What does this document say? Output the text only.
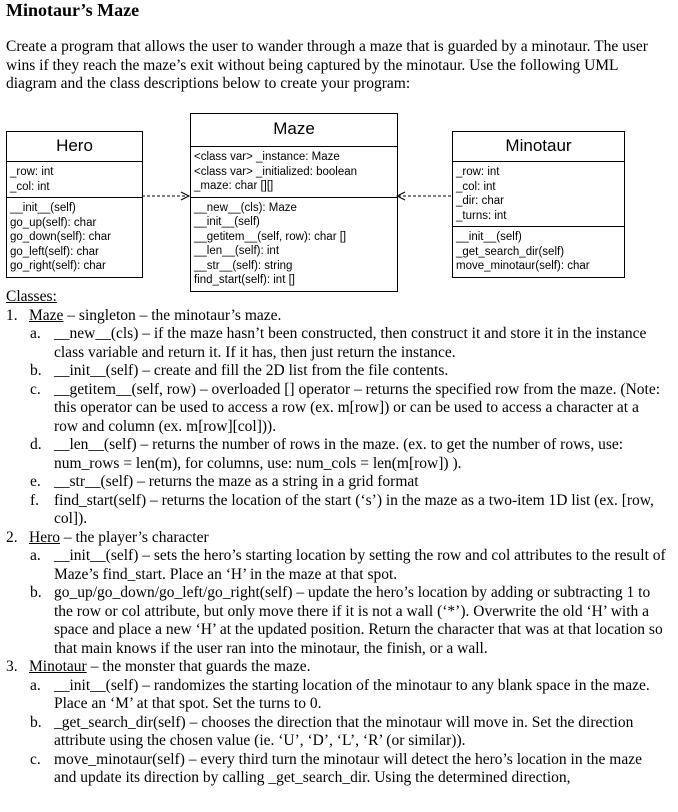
Minotaur’s Maze
Create a program that allows the user to wander through a maze that is guarded by a minotaur. The user wins if they reach the maze’s exit without being captured by the minotaur. Use the following UML diagram and the class descriptions below to create your program:
Hero
_row: int
_col: int
__init__(self)
go_up(self): char
go_down(self): char
go_left(self): char
go_right(self): char
Maze
<class var> _instance: Maze
<class var> _initialized: boolean
_maze: char [][]
__new__(cls): Maze
__init__(self)
__getitem__(self, row): char []
__len__(self): int
__str__(self): string
find_start(self): int []
Minotaur
_row: int
_col: int
_dir: char
_turns: int
__init__(self)
_get_search_dir(self)
move_minotaur(self): char
Classes:
1. Maze – singleton – the minotaur’s maze.
a. __new__(cls) – if the maze hasn’t been constructed, then construct it and store it in the instance class variable and return it. If it has, then just return the instance.
b. __init__(self) – create and fill the 2D list from the file contents.
c. __getitem__(self, row) – overloaded [] operator – returns the specified row from the maze. (Note: this operator can be used to access a row (ex. m[row]) or can be used to access a character at a row and column (ex. m[row][col])).
d. __len__(self) – returns the number of rows in the maze. (ex. to get the number of rows, use: num_rows = len(m), for columns, use: num_cols = len(m[row]) ).
e. __str__(self) – returns the maze as a string in a grid format
f. find_start(self) – returns the location of the start (‘s’) in the maze as a two-item 1D list (ex. [row, col]).
2. Hero – the player’s character
a. __init__(self) – sets the hero’s starting location by setting the row and col attributes to the result of Maze’s find_start. Place an ‘H’ in the maze at that spot.
b. go_up/go_down/go_left/go_right(self) – update the hero’s location by adding or subtracting 1 to the row or col attribute, but only move there if it is not a wall (‘*’). Overwrite the old ‘H’ with a space and place a new ‘H’ at the updated position. Return the character that was at that location so that main knows if the user ran into the minotaur, the finish, or a wall.
3. Minotaur – the monster that guards the maze.
a. __init__(self) – randomizes the starting location of the minotaur to any blank space in the maze. Place an ‘M’ at that spot. Set the turns to 0.
b. _get_search_dir(self) – chooses the direction that the minotaur will move in. Set the direction attribute using the chosen value (ie. ‘U’, ‘D’, ‘L’, ‘R’ (or similar)).
c. move_minotaur(self) – every third turn the minotaur will detect the hero’s location in the maze and update its direction by calling _get_search_dir. Using the determined direction,
